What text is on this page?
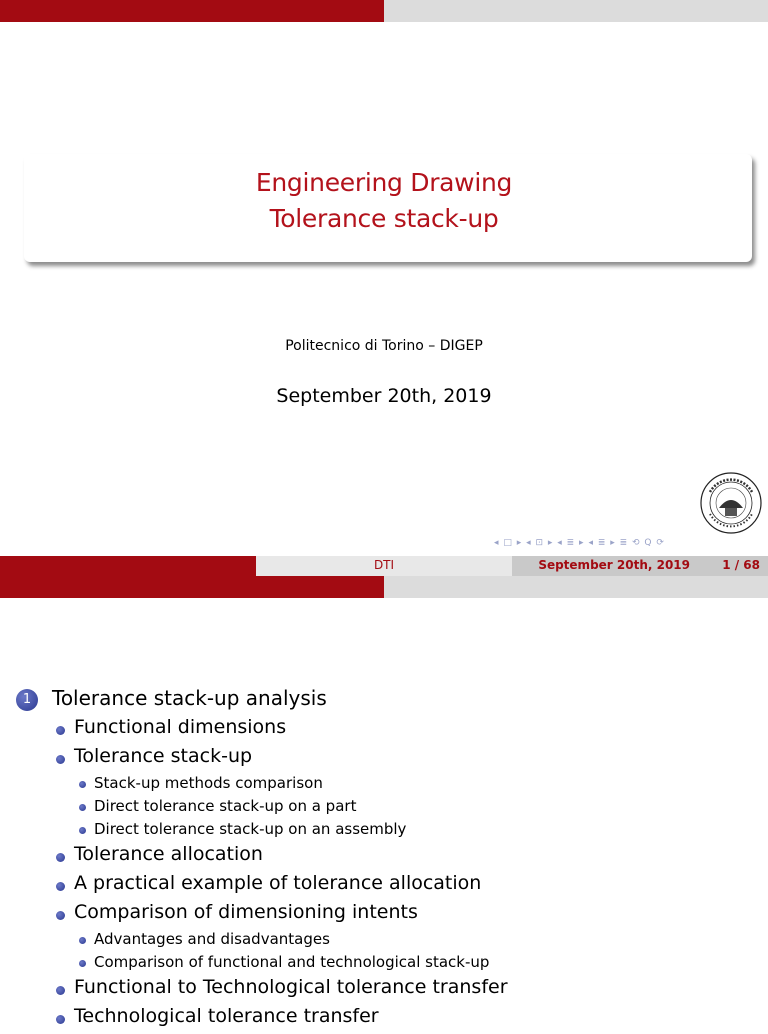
Engineering Drawing
Tolerance stack-up
Politecnico di Torino – DIGEP
September 20th, 2019
◂ □ ▸ ◂ ⊡ ▸ ◂ ≣ ▸ ◂ ≣ ▸ ≣ ⟲ Q ⟳
DTI	September 20th, 2019	1 / 68
1	Tolerance stack-up analysis
Functional dimensions
Tolerance stack-up
Stack-up methods comparison
Direct tolerance stack-up on a part
Direct tolerance stack-up on an assembly
Tolerance allocation
A practical example of tolerance allocation
Comparison of dimensioning intents
Advantages and disadvantages
Comparison of functional and technological stack-up
Functional to Technological tolerance transfer
Technological tolerance transfer
